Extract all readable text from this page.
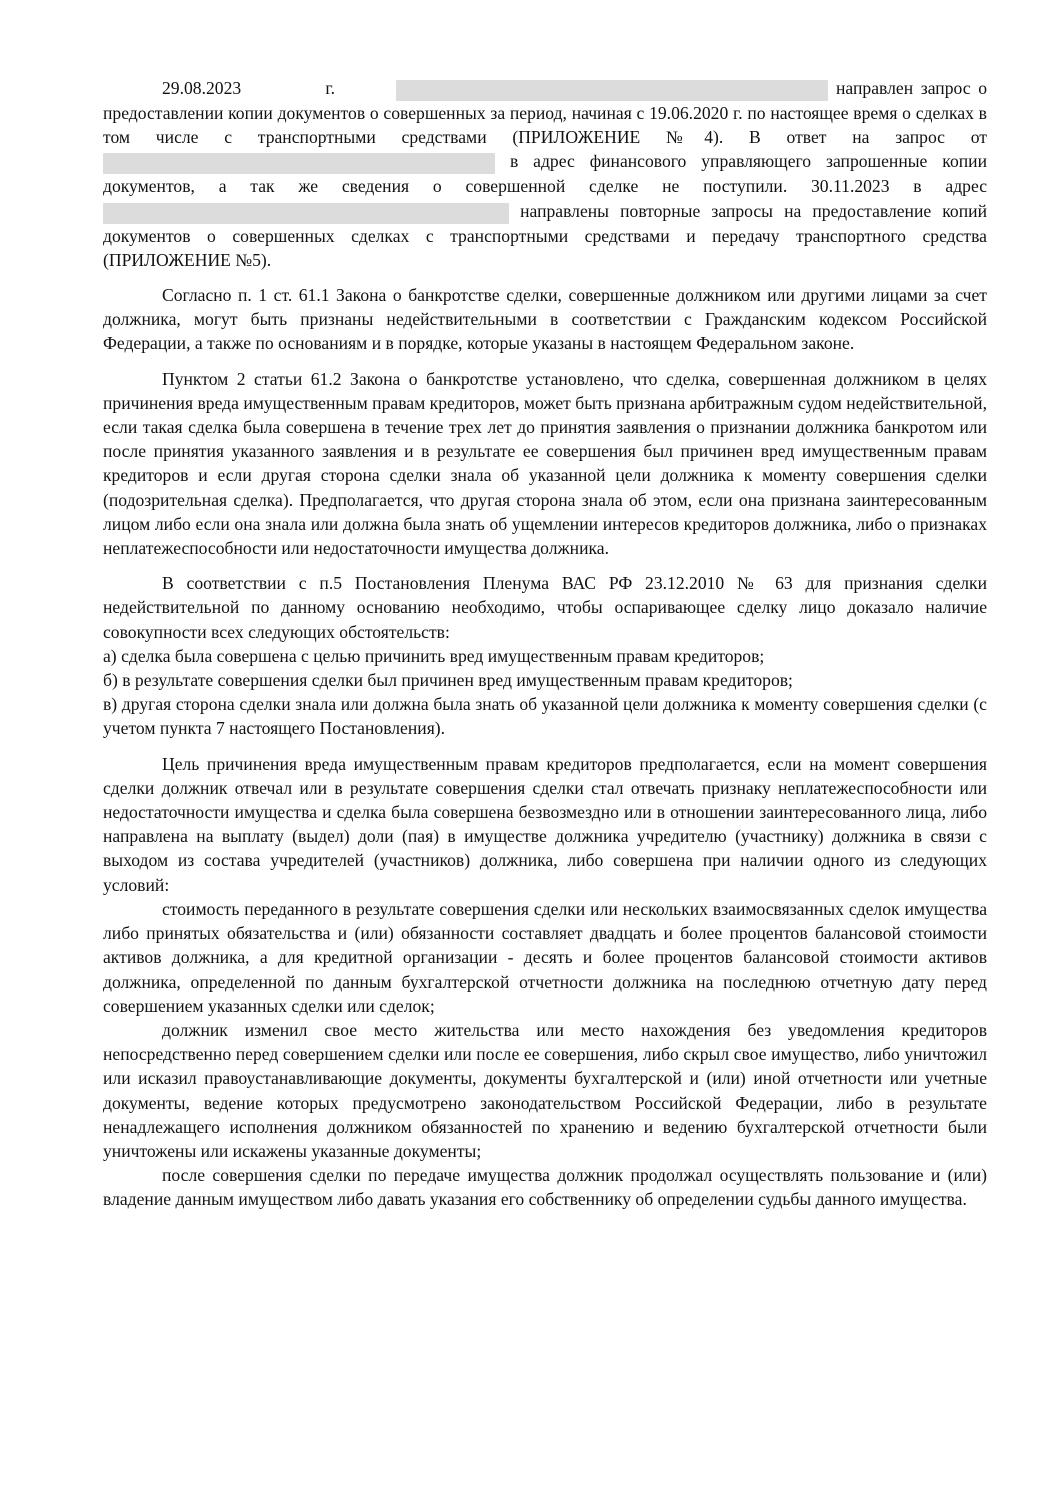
29.08.2023	г.	направлен запрос о предоставлении копии документов о совершенных за период, начиная с 19.06.2020 г. по настоящее время о сделках в том числе с транспортными средствами (ПРИЛОЖЕНИЕ №4). В ответ на запрос от  в адрес финансового управляющего запрошенные копии документов, а так же сведения о совершенной сделке не поступили. 30.11.2023 в адрес  направлены повторные запросы на предоставление копий документов о совершенных сделках с транспортными средствами и передачу транспортного средства (ПРИЛОЖЕНИЕ №5).

Согласно п. 1 ст. 61.1 Закона о банкротстве сделки, совершенные должником или другими лицами за счет должника, могут быть признаны недействительными в соответствии с Гражданским кодексом Российской Федерации, а также по основаниям и в порядке, которые указаны в настоящем Федеральном законе.

Пунктом 2 статьи 61.2 Закона о банкротстве установлено, что сделка, совершенная должником в целях причинения вреда имущественным правам кредиторов, может быть признана арбитражным судом недействительной, если такая сделка была совершена в течение трех лет до принятия заявления о признании должника банкротом или после принятия указанного заявления и в результате ее совершения был причинен вред имущественным правам кредиторов и если другая сторона сделки знала об указанной цели должника к моменту совершения сделки (подозрительная сделка). Предполагается, что другая сторона знала об этом, если она признана заинтересованным лицом либо если она знала или должна была знать об ущемлении интересов кредиторов должника, либо о признаках неплатежеспособности или недостаточности имущества должника.

В соответствии с п.5 Постановления Пленума ВАС РФ 23.12.2010 № 63 для признания сделки недействительной по данному основанию необходимо, чтобы оспаривающее сделку лицо доказало наличие совокупности всех следующих обстоятельств:

а) сделка была совершена с целью причинить вред имущественным правам кредиторов;

б) в результате совершения сделки был причинен вред имущественным правам кредиторов;

в) другая сторона сделки знала или должна была знать об указанной цели должника к моменту совершения сделки (с учетом пункта 7 настоящего Постановления).

Цель причинения вреда имущественным правам кредиторов предполагается, если на момент совершения сделки должник отвечал или в результате совершения сделки стал отвечать признаку неплатежеспособности или недостаточности имущества и сделка была совершена безвозмездно или в отношении заинтересованного лица, либо направлена на выплату (выдел) доли (пая) в имуществе должника учредителю (участнику) должника в связи с выходом из состава учредителей (участников) должника, либо совершена при наличии одного из следующих условий:

стоимость переданного в результате совершения сделки или нескольких взаимосвязанных сделок имущества либо принятых обязательства и (или) обязанности составляет двадцать и более процентов балансовой стоимости активов должника, а для кредитной организации - десять и более процентов балансовой стоимости активов должника, определенной по данным бухгалтерской отчетности должника на последнюю отчетную дату перед совершением указанных сделки или сделок;

должник изменил свое место жительства или место нахождения без уведомления кредиторов непосредственно перед совершением сделки или после ее совершения, либо скрыл свое имущество, либо уничтожил или исказил правоустанавливающие документы, документы бухгалтерской и (или) иной отчетности или учетные документы, ведение которых предусмотрено законодательством Российской Федерации, либо в результате ненадлежащего исполнения должником обязанностей по хранению и ведению бухгалтерской отчетности были уничтожены или искажены указанные документы;

после совершения сделки по передаче имущества должник продолжал осуществлять пользование и (или) владение данным имуществом либо давать указания его собственнику об определении судьбы данного имущества.
